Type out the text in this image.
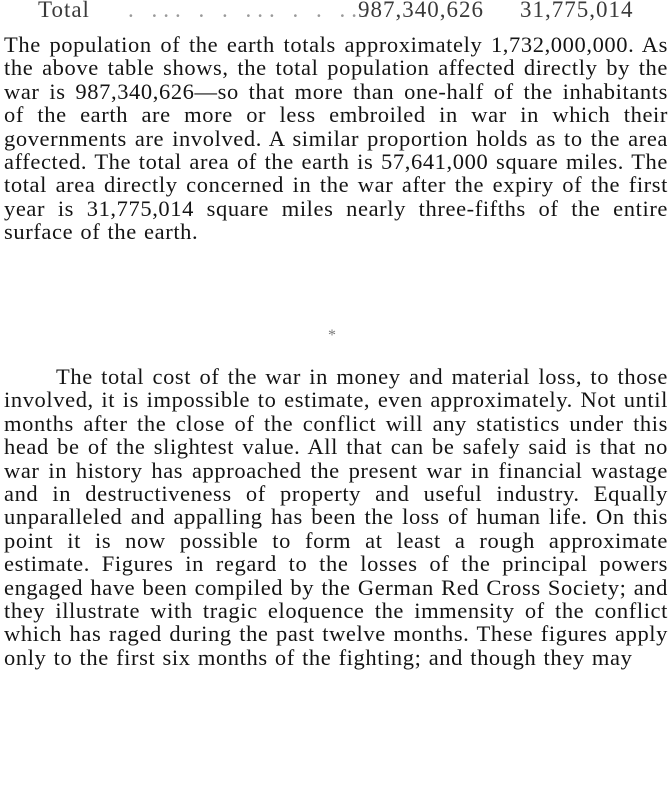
Total . ... . . ... . . ...
987,340,626 31,775,014

The population of the earth totals approximately 1,732,000,000. As the above table shows, the total population affected directly by the war is 987,340,626—so that more than one-half of the inhabitants of the earth are more or less embroiled in war in which their governments are involved. A similar proportion holds as to the area affected. The total area of the earth is 57,641,000 square miles. The total area directly concerned in the war after the expiry of the first year is 31,775,014 square miles nearly three-fifths of the entire surface of the earth.

*

The total cost of the war in money and material loss, to those involved, it is impossible to estimate, even approximately. Not until months after the close of the conflict will any statistics under this head be of the slightest value. All that can be safely said is that no war in history has approached the present war in financial wastage and in destructiveness of property and useful industry. Equally unparalleled and appalling has been the loss of human life. On this point it is now possible to form at least a rough approximate estimate. Figures in regard to the losses of the principal powers engaged have been compiled by the German Red Cross Society; and they illustrate with tragic eloquence the immensity of the conflict which has raged during the past twelve months. These figures apply only to the first six months of the fighting; and though they may
